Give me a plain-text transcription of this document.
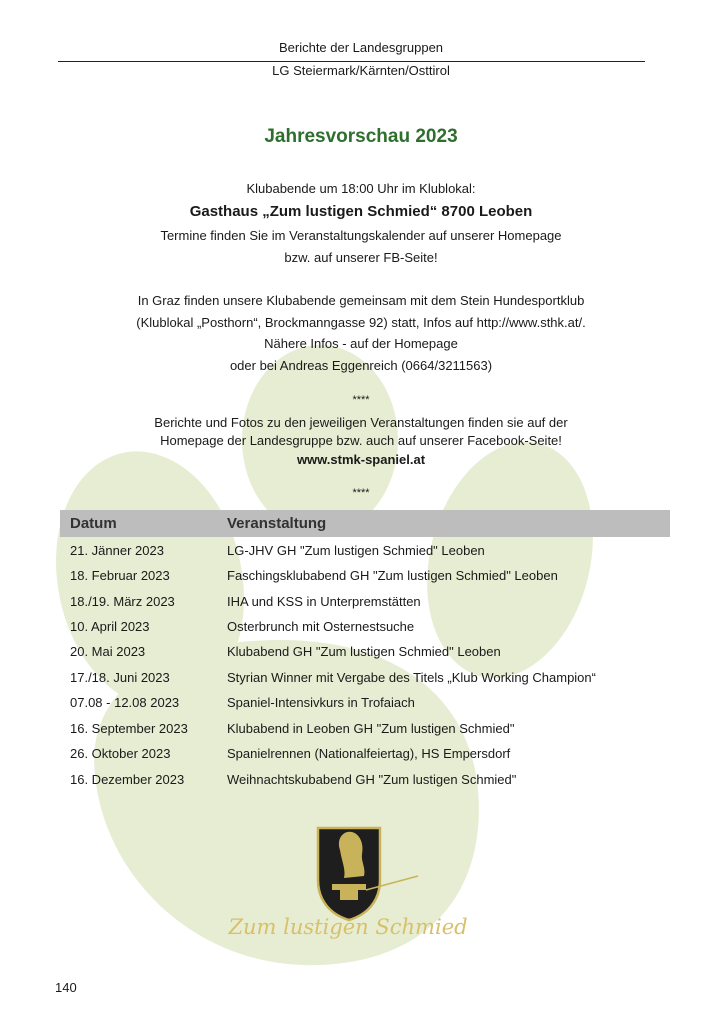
Berichte der Landesgruppen
LG Steiermark/Kärnten/Osttirol
Jahresvorschau 2023
Klubabende um 18:00 Uhr im Klublokal:
Gasthaus „Zum lustigen Schmied“ 8700 Leoben
Termine finden Sie im Veranstaltungskalender auf unserer Homepage
bzw. auf unserer FB-Seite!
In Graz finden unsere Klubabende gemeinsam mit dem Stein Hundesportklub
(Klublokal „Posthorn“, Brockmanngasse 92) statt, Infos auf http://www.sthk.at/.
Nähere Infos - auf der Homepage
oder bei Andreas Eggenreich (0664/3211563)
****
Berichte und Fotos zu den jeweiligen Veranstaltungen finden sie auf der
Homepage der Landesgruppe bzw. auch auf unserer Facebook-Seite!
www.stmk-spaniel.at
****
Datum	Veranstaltung
21. Jänner 2023	LG-JHV GH "Zum lustigen Schmied" Leoben
18. Februar 2023	Faschingsklubabend GH "Zum lustigen Schmied" Leoben
18./19. März 2023	IHA und KSS in Unterpremstätten
10. April 2023	Osterbrunch mit Osternestsuche
20. Mai 2023	Klubabend GH "Zum lustigen Schmied" Leoben
17./18. Juni 2023	Styrian Winner mit Vergabe des Titels „Klub Working Champion“
07.08 - 12.08 2023	Spaniel-Intensivkurs in Trofaiach
16. September 2023	Klubabend in Leoben GH "Zum lustigen Schmied"
26. Oktober 2023	Spanielrennen (Nationalfeiertag), HS Empersdorf
16. Dezember 2023	Weihnachtskubabend GH "Zum lustigen Schmied"
Zum lustigen Schmied
140
